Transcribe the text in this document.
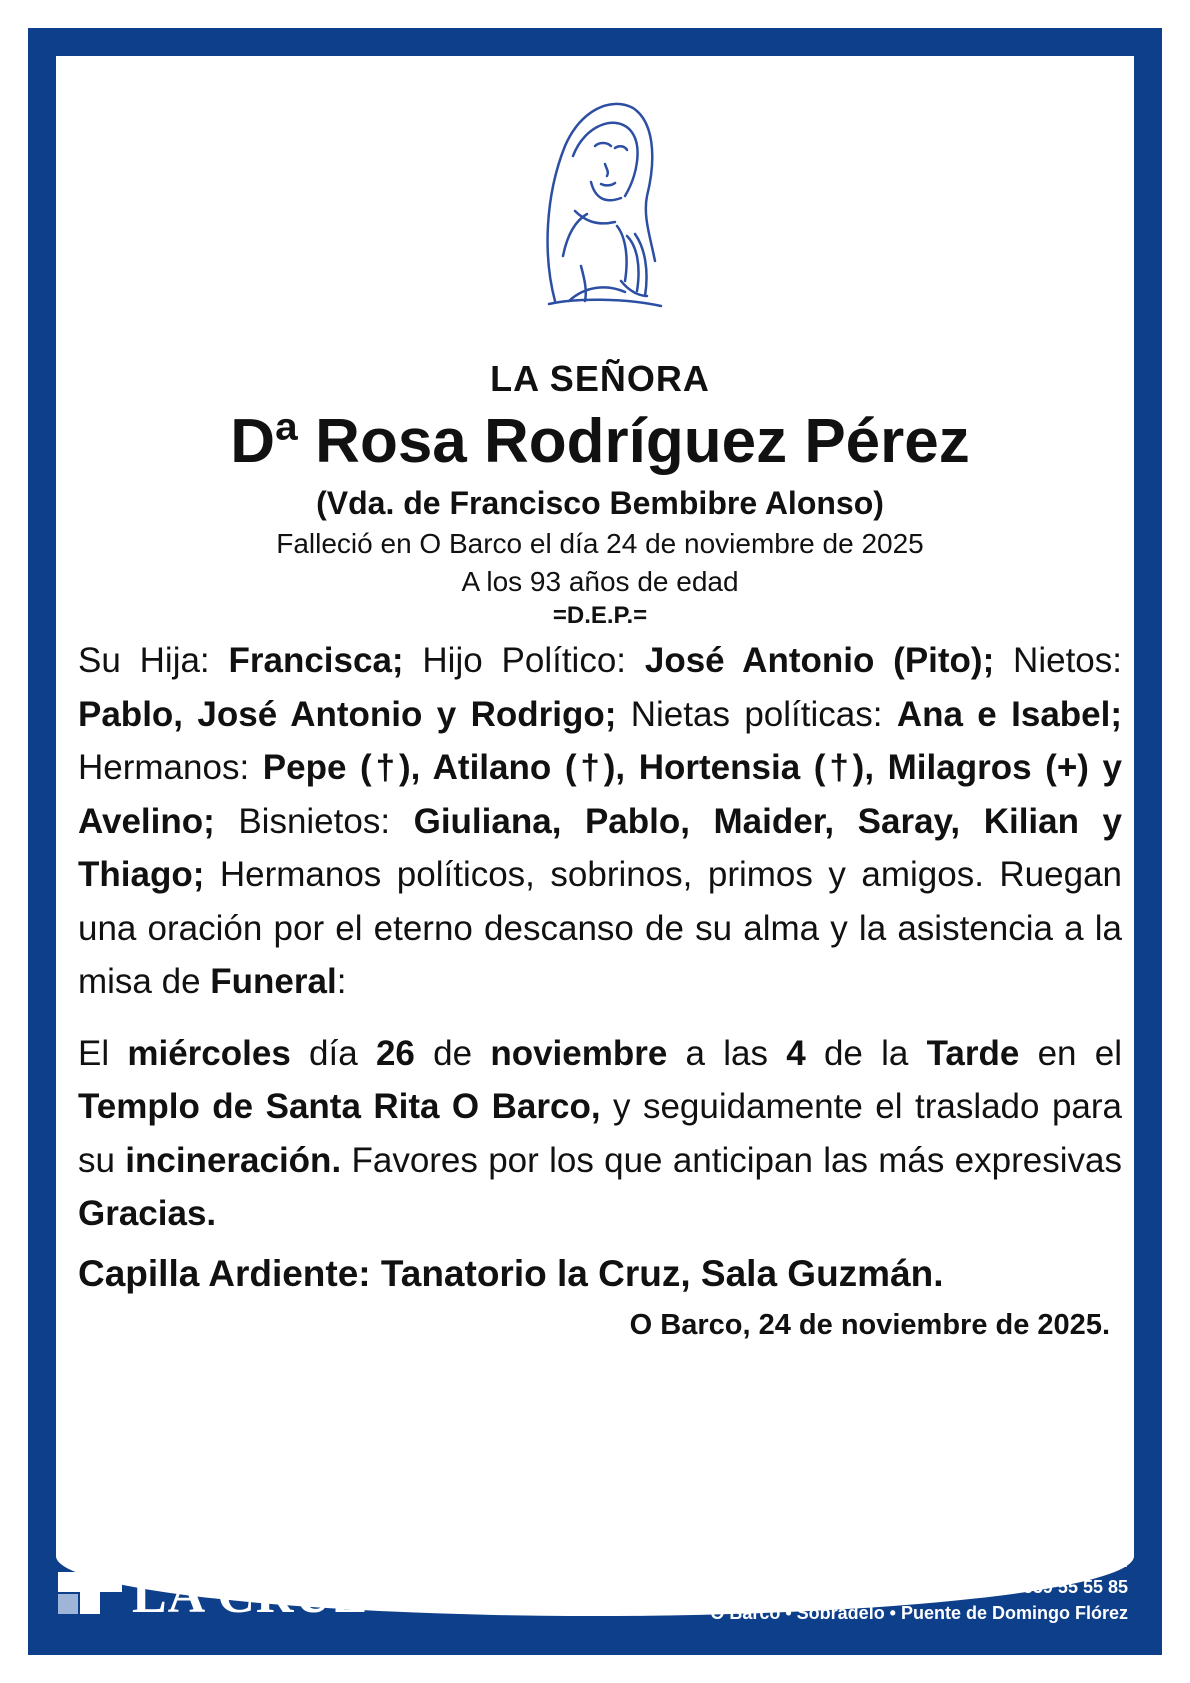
LA SEÑORA
Dª Rosa Rodríguez Pérez
(Vda. de Francisco Bembibre Alonso)
Falleció en O Barco el día 24 de noviembre de 2025
A los 93 años de edad
=D.E.P.=
Su Hija: Francisca; Hijo Político: José Antonio (Pito); Nietos: Pablo, José Antonio y Rodrigo; Nietas políticas: Ana e Isabel; Hermanos: Pepe (†), Atilano (†), Hortensia (†), Milagros (+) y Avelino; Bisnietos: Giuliana, Pablo, Maider, Saray, Kilian y Thiago; Hermanos políticos, sobrinos, primos y amigos. Ruegan una oración por el eterno descanso de su alma y la asistencia a la misa de Funeral:
El miércoles día 26 de noviembre a las 4 de la Tarde en el Templo de Santa Rita O Barco, y seguidamente el traslado para su incineración. Favores por los que anticipan las más expresivas Gracias.
Capilla Ardiente: Tanatorio la Cruz, Sala Guzmán.
O Barco, 24 de noviembre de 2025.
FUNERARIA & TANATORIOS
LA CRUZ
www.funerarialacruz.com
Teléfono: 988 321 412 • Móvil: 659 55 55 85
O Barco • Sobradelo • Puente de Domingo Flórez
